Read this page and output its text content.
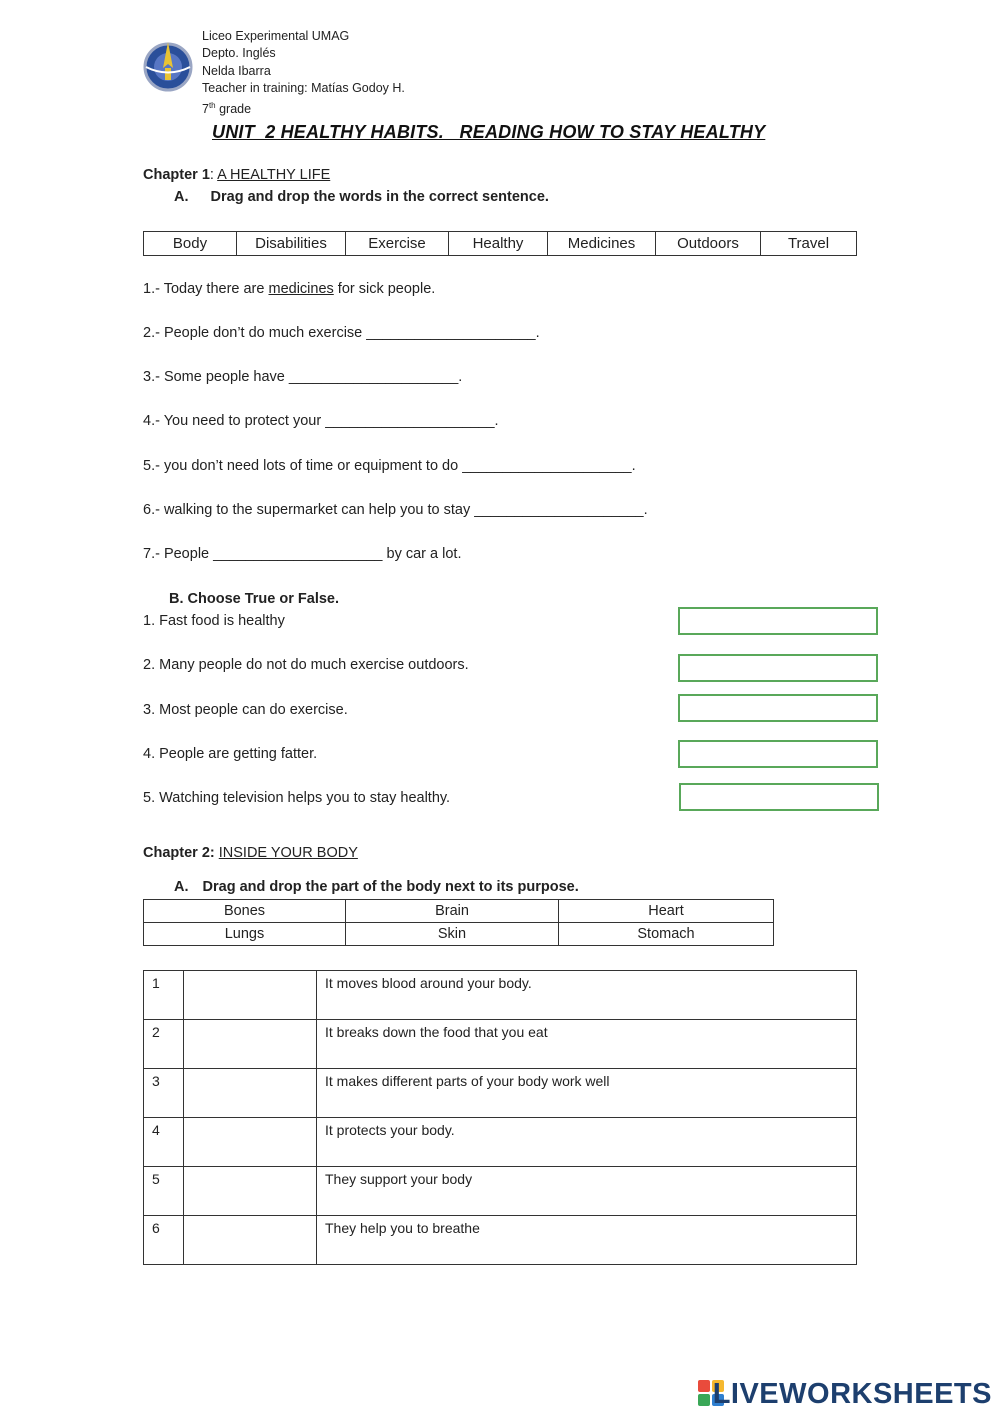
Liceo Experimental UMAG
Depto. Inglés
Nelda Ibarra
Teacher in training: Matías Godoy H.
7th grade
UNIT  2 HEALTHY HABITS.   READING HOW TO STAY HEALTHY
Chapter 1: A HEALTHY LIFE
A. Drag and drop the words in the correct sentence.
Body	Disabilities	Exercise	Healthy	Medicines	Outdoors	Travel
1.- Today there are medicines for sick people.
2.- People don’t do much exercise _____________________.
3.- Some people have _____________________.
4.- You need to protect your _____________________.
5.- you don’t need lots of time or equipment to do _____________________.
6.- walking to the supermarket can help you to stay _____________________.
7.- People _____________________ by car a lot.
B. Choose True or False.
1. Fast food is healthy
2. Many people do not do much exercise outdoors.
3. Most people can do exercise.
4. People are getting fatter.
5. Watching television helps you to stay healthy.
Chapter 2: INSIDE YOUR BODY
A. Drag and drop the part of the body next to its purpose.
Bones	Brain	Heart
Lungs	Skin	Stomach
1		It moves blood around your body.
2		It breaks down the food that you eat
3		It makes different parts of your body work well
4		It protects your body.
5		They support your body
6		They help you to breathe
LIVEWORKSHEETS
